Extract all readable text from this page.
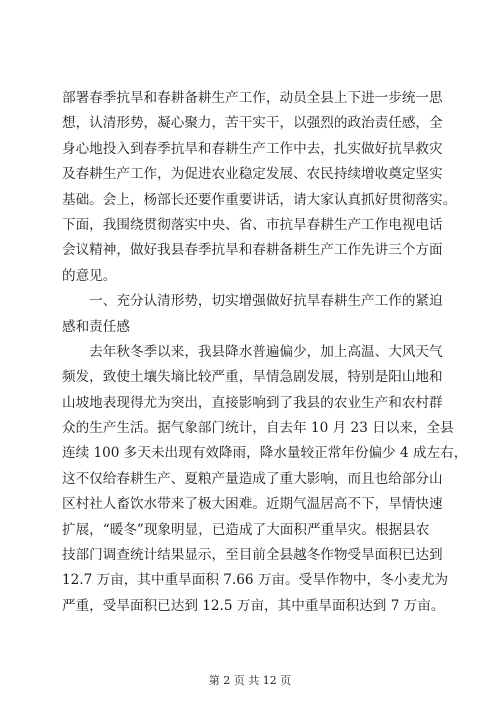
部署春季抗旱和春耕备耕生产工作，动员全县上下进一步统一思
想，认清形势，凝心聚力，苦干实干，以强烈的政治责任感，全
身心地投入到春季抗旱和春耕生产工作中去，扎实做好抗旱救灾
及春耕生产工作，为促进农业稳定发展、农民持续增收奠定坚实
基础。会上，杨部长还要作重要讲话，请大家认真抓好贯彻落实。
下面，我围绕贯彻落实中央、省、市抗旱春耕生产工作电视电话
会议精神，做好我县春季抗旱和春耕备耕生产工作先讲三个方面
的意见。

　　一、充分认清形势，切实增强做好抗旱春耕生产工作的紧迫
感和责任感

　　去年秋冬季以来，我县降水普遍偏少，加上高温、大风天气
频发，致使土壤失墒比较严重，旱情急剧发展，特别是阳山地和
山坡地表现得尤为突出，直接影响到了我县的农业生产和农村群
众的生产生活。据气象部门统计，自去年 10 月 23 日以来，全县
连续 100 多天未出现有效降雨，降水量较正常年份偏少 4 成左右，
这不仅给春耕生产、夏粮产量造成了重大影响，而且也给部分山
区村社人畜饮水带来了极大困难。近期气温居高不下，旱情快速
扩展，“暖冬”现象明显，已造成了大面积严重旱灾。根据县农
技部门调查统计结果显示，至目前全县越冬作物受旱面积已达到
12.7 万亩，其中重旱面积 7.66 万亩。受旱作物中，冬小麦尤为
严重，受旱面积已达到 12.5 万亩，其中重旱面积达到 7 万亩。

第 2 页 共 12 页
